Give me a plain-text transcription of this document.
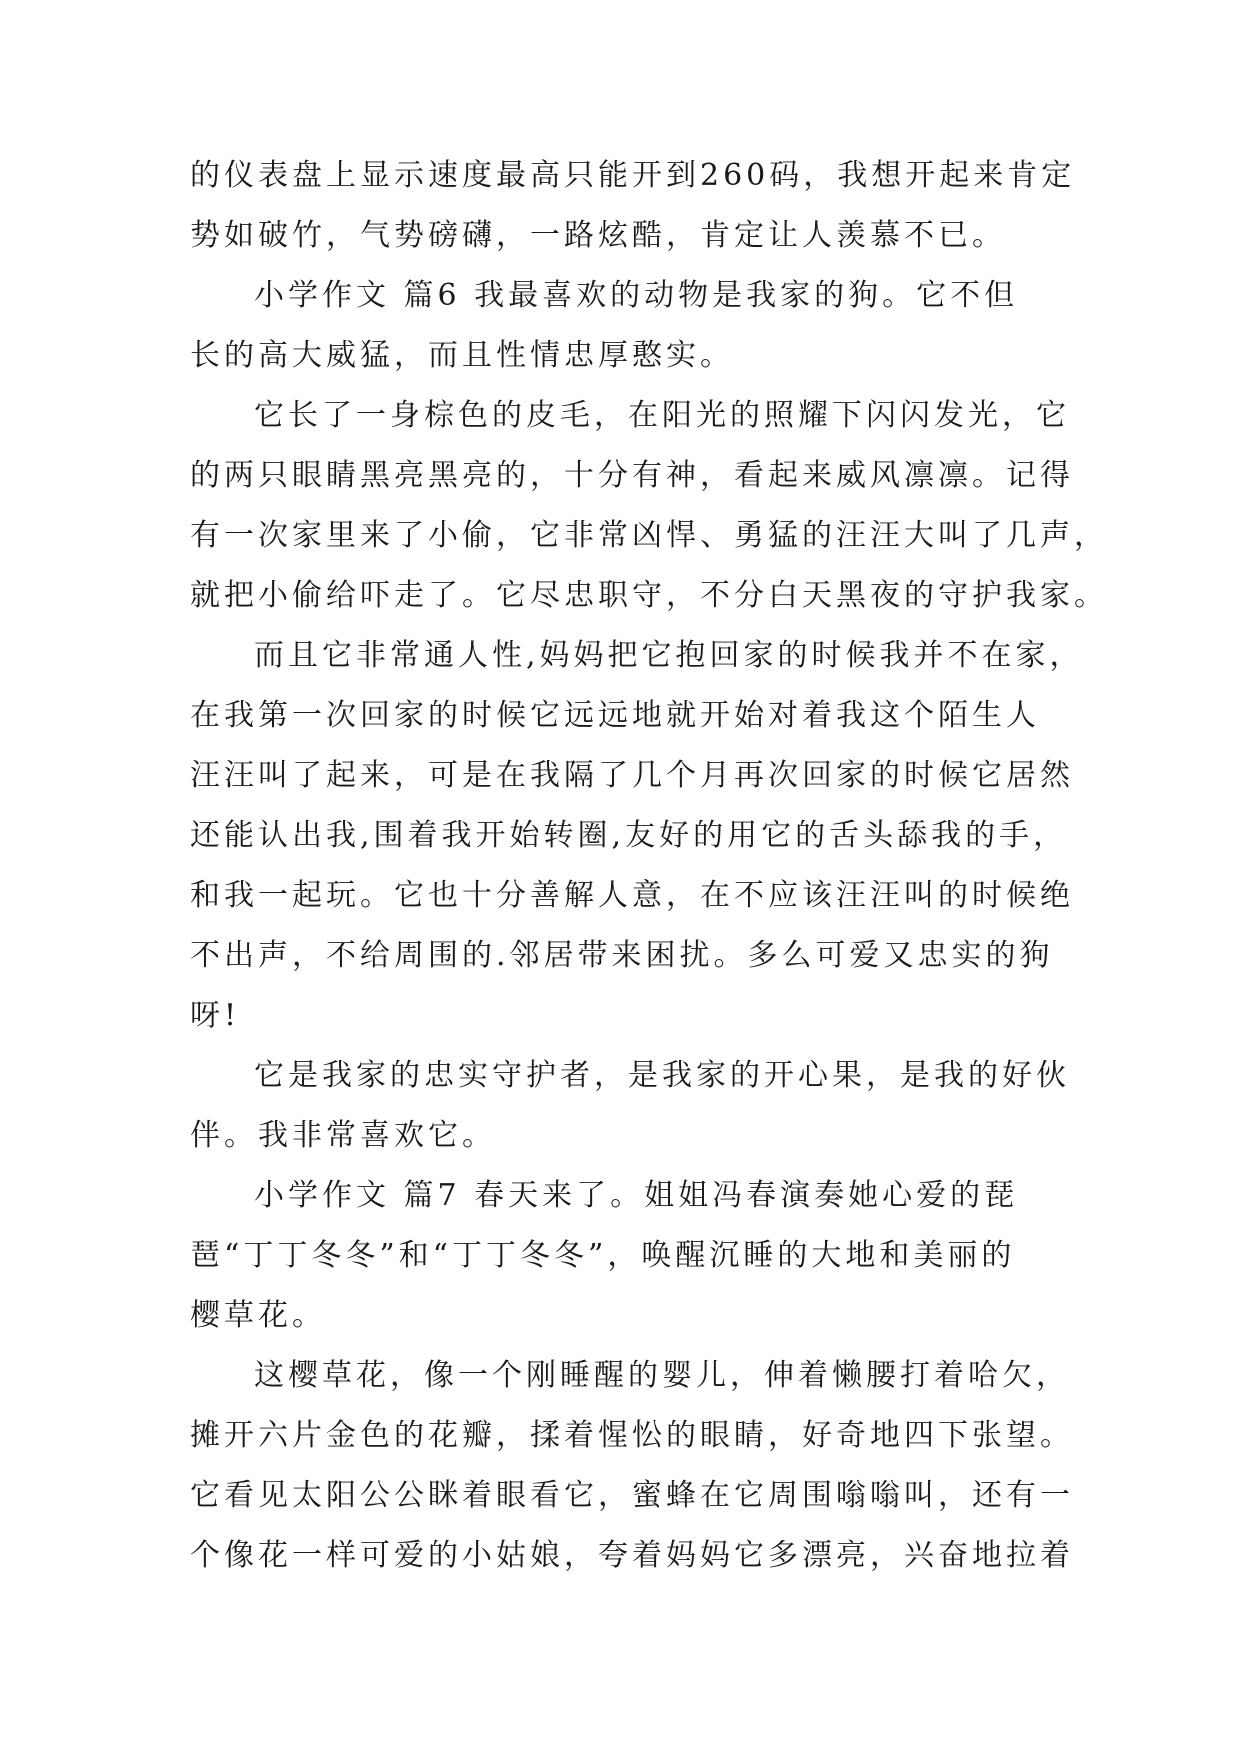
的仪表盘上显示速度最高只能开到260码，我想开起来肯定
势如破竹，气势磅礴，一路炫酷，肯定让人羡慕不已。
小学作文 篇6 我最喜欢的动物是我家的狗。它不但
长的高大威猛，而且性情忠厚憨实。
它长了一身棕色的皮毛，在阳光的照耀下闪闪发光，它
的两只眼睛黑亮黑亮的，十分有神，看起来威风凛凛。记得
有一次家里来了小偷，它非常凶悍、勇猛的汪汪大叫了几声，
就把小偷给吓走了。它尽忠职守，不分白天黑夜的守护我家。
而且它非常通人性,妈妈把它抱回家的时候我并不在家，
在我第一次回家的时候它远远地就开始对着我这个陌生人
汪汪叫了起来，可是在我隔了几个月再次回家的时候它居然
还能认出我,围着我开始转圈,友好的用它的舌头舔我的手，
和我一起玩。它也十分善解人意，在不应该汪汪叫的时候绝
不出声，不给周围的.邻居带来困扰。多么可爱又忠实的狗
呀!
它是我家的忠实守护者，是我家的开心果，是我的好伙
伴。我非常喜欢它。
小学作文 篇7 春天来了。姐姐冯春演奏她心爱的琵
琶“丁丁冬冬”和“丁丁冬冬”，唤醒沉睡的大地和美丽的
樱草花。
这樱草花，像一个刚睡醒的婴儿，伸着懒腰打着哈欠，
摊开六片金色的花瓣，揉着惺忪的眼睛，好奇地四下张望。
它看见太阳公公眯着眼看它，蜜蜂在它周围嗡嗡叫，还有一
个像花一样可爱的小姑娘，夸着妈妈它多漂亮，兴奋地拉着
